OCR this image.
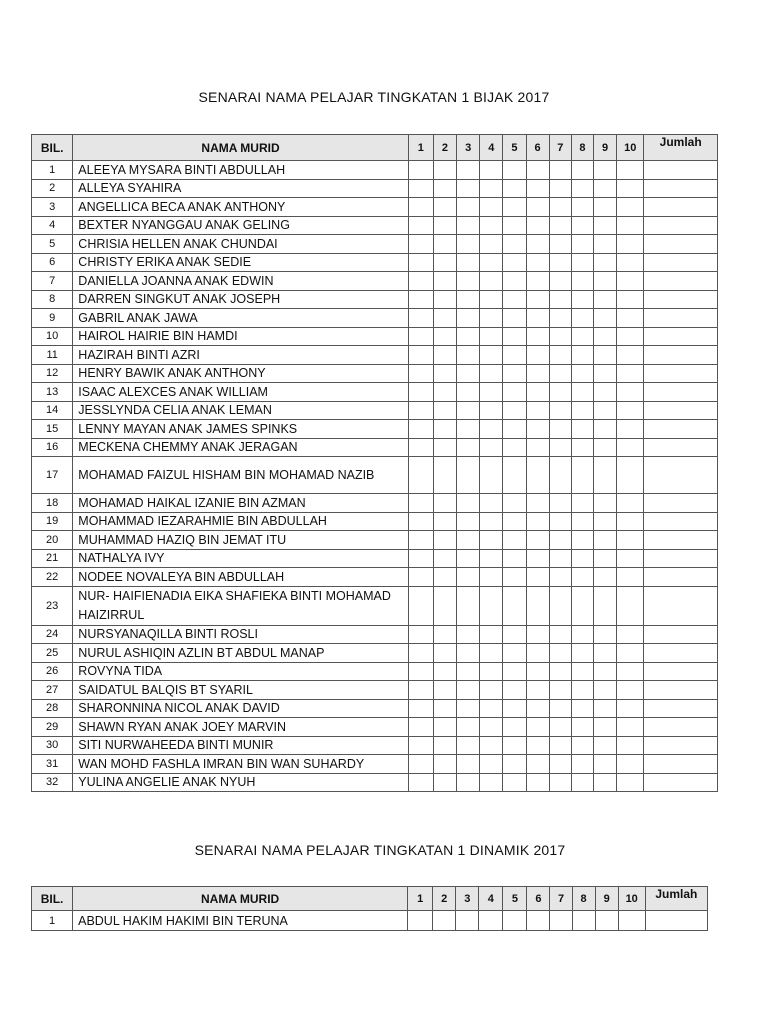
SENARAI NAMA PELAJAR TINGKATAN 1 BIJAK 2017
BIL.	NAMA MURID	1	2	3	4	5	6	7	8	9	10	Jumlah
1	ALEEYA MYSARA BINTI ABDULLAH											
2	ALLEYA SYAHIRA											
3	ANGELLICA BECA ANAK ANTHONY											
4	BEXTER NYANGGAU ANAK GELING											
5	CHRISIA HELLEN ANAK CHUNDAI											
6	CHRISTY ERIKA ANAK SEDIE											
7	DANIELLA JOANNA ANAK EDWIN											
8	DARREN SINGKUT ANAK JOSEPH											
9	GABRIL ANAK JAWA											
10	HAIROL HAIRIE BIN HAMDI											
11	HAZIRAH BINTI AZRI											
12	HENRY BAWIK ANAK ANTHONY											
13	ISAAC ALEXCES ANAK WILLIAM											
14	JESSLYNDA CELIA ANAK LEMAN											
15	LENNY MAYAN ANAK JAMES SPINKS											
16	MECKENA CHEMMY ANAK JERAGAN											
17	MOHAMAD FAIZUL HISHAM BIN MOHAMAD NAZIB											
18	MOHAMAD HAIKAL IZANIE BIN AZMAN											
19	MOHAMMAD IEZARAHMIE BIN ABDULLAH											
20	MUHAMMAD HAZIQ BIN JEMAT ITU											
21	NATHALYA IVY											
22	NODEE NOVALEYA BIN ABDULLAH											
23	NUR- HAIFIENADIA EIKA SHAFIEKA BINTI MOHAMAD HAIZIRRUL											
24	NURSYANAQILLA BINTI ROSLI											
25	NURUL ASHIQIN AZLIN BT ABDUL MANAP											
26	ROVYNA TIDA											
27	SAIDATUL BALQIS BT SYARIL											
28	SHARONNINA NICOL ANAK DAVID											
29	SHAWN RYAN ANAK JOEY MARVIN											
30	SITI NURWAHEEDA BINTI MUNIR											
31	WAN MOHD FASHLA IMRAN BIN WAN SUHARDY											
32	YULINA ANGELIE ANAK NYUH											
SENARAI NAMA PELAJAR TINGKATAN 1 DINAMIK 2017
BIL.	NAMA MURID	1	2	3	4	5	6	7	8	9	10	Jumlah
1	ABDUL HAKIM HAKIMI BIN TERUNA											
